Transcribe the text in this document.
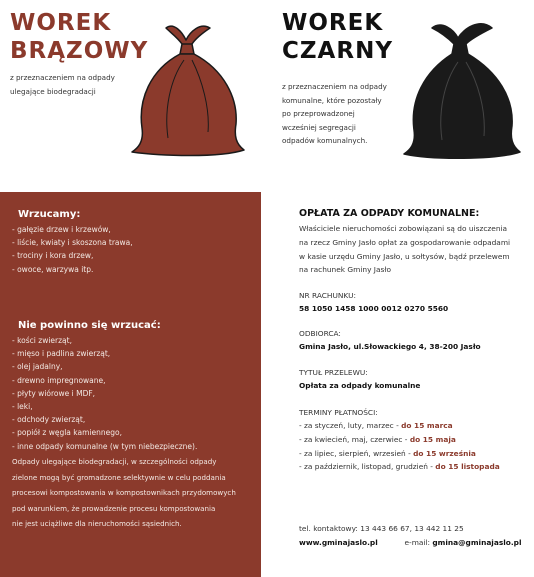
WOREK
BRĄZOWY
z przeznaczeniem na odpady
ulegające biodegradacji
WOREK
CZARNY
z przeznaczeniem na odpady
komunalne, które pozostały
po przeprowadzonej
wcześniej segregacji
odpadów komunalnych.
Wrzucamy:
- gałęzie drzew i krzewów,
- liście, kwiaty i skoszona trawa,
- trociny i kora drzew,
- owoce, warzywa itp.
Nie powinno się wrzucać:
- kości zwierząt,
- mięso i padlina zwierząt,
- olej jadalny,
- drewno impregnowane,
- płyty wiórowe i MDF,
- leki,
- odchody zwierząt,
- popiół z węgla kamiennego,
- inne odpady komunalne (w tym niebezpieczne).
Odpady ulegające biodegradacji, w szczególności odpady
zielone mogą być gromadzone selektywnie w celu poddania
procesowi kompostowania w kompostownikach przydomowych
pod warunkiem, że prowadzenie procesu kompostowania
nie jest uciążliwe dla nieruchomości sąsiednich.
OPŁATA ZA ODPADY KOMUNALNE:
Właściciele nieruchomości zobowiązani są do uiszczenia
na rzecz Gminy Jasło opłat za gospodarowanie odpadami
w kasie urzędu Gminy Jasło, u sołtysów, bądź przelewem
na rachunek Gminy Jasło
NR RACHUNKU:
58 1050 1458 1000 0012 0270 5560
ODBIORCA:
Gmina Jasło, ul.Słowackiego 4, 38-200 Jasło
TYTUŁ PRZELEWU:
Opłata za odpady komunalne
TERMINY PŁATNOŚCI:
- za styczeń, luty, marzec - do 15 marca
- za kwiecień, maj, czerwiec - do 15 maja
- za lipiec, sierpień, wrzesień - do 15 września
- za październik, listopad, grudzień - do 15 listopada
tel. kontaktowy: 13 443 66 67, 13 442 11 25
www.gminajaslo.pl	e-mail: gmina@gminajaslo.pl
